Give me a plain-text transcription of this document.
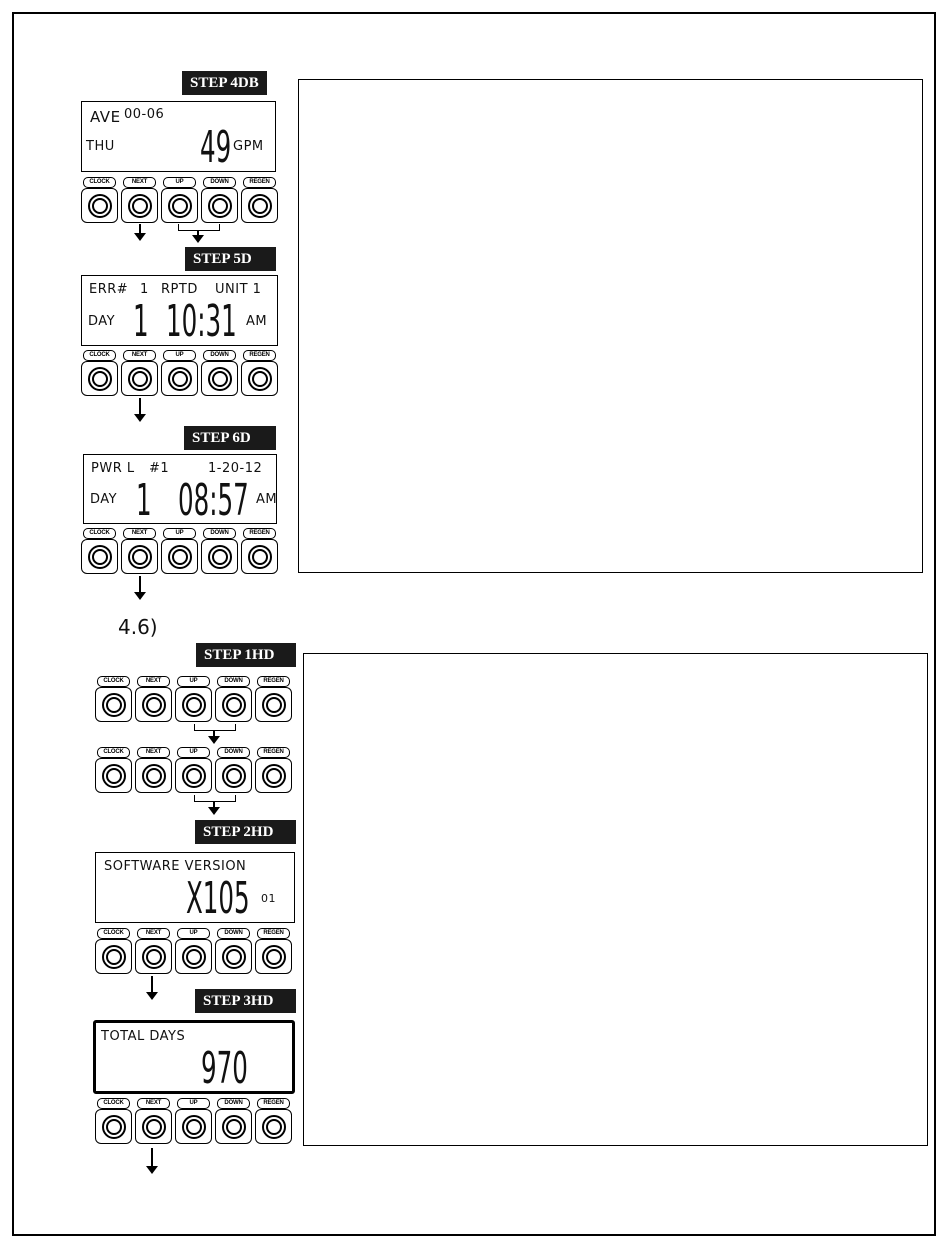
STEP 4DB
AVE 00-06
THU 49 GPM
CLOCK	NEXT	UP	DOWN	REGEN
STEP 5D
ERR# 1 RPTD UNIT 1
DAY 1 10:31 AM
CLOCK	NEXT	UP	DOWN	REGEN
STEP 6D
PWR L #1	1-20-12
DAY 1 08:57 AM
CLOCK	NEXT	UP	DOWN	REGEN
4.6)
STEP 1HD
CLOCK	NEXT	UP	DOWN	REGEN
CLOCK	NEXT	UP	DOWN	REGEN
STEP 2HD
SOFTWARE VERSION
X105 01
CLOCK	NEXT	UP	DOWN	REGEN
STEP 3HD
TOTAL DAYS
970
CLOCK	NEXT	UP	DOWN	REGEN
